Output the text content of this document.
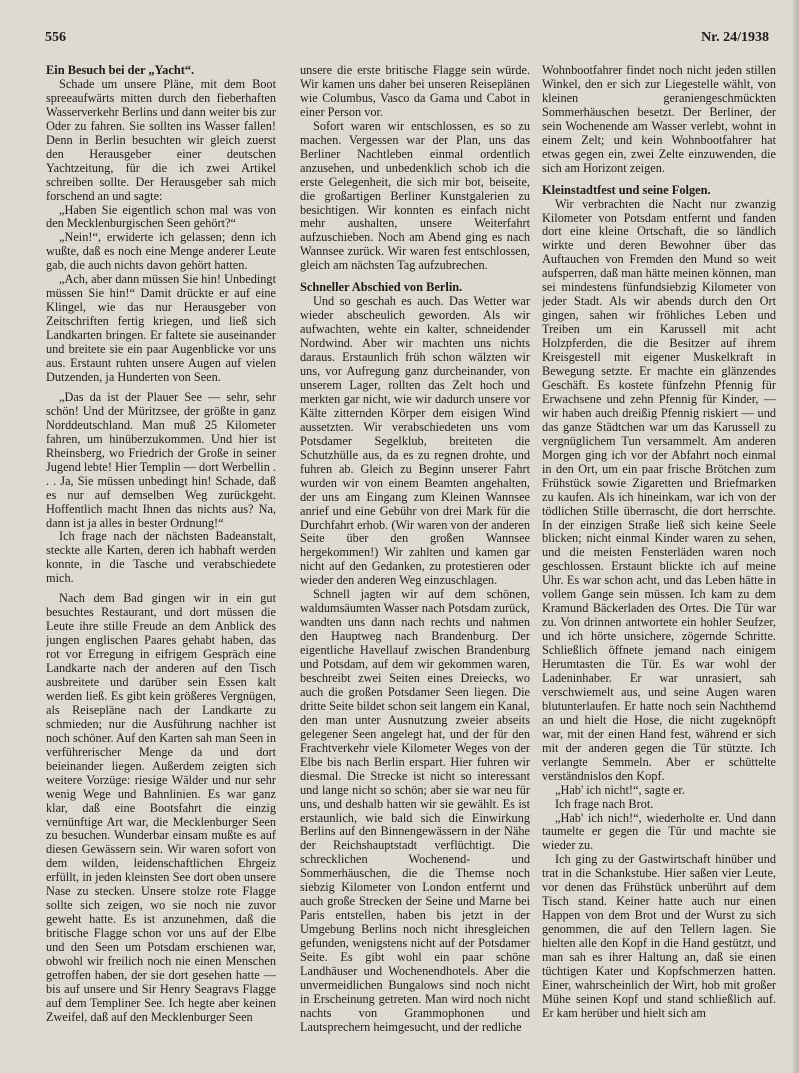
556	Nr. 24/1938

Ein Besuch bei der „Yacht“.

Schade um unsere Pläne, mit dem Boot spreeaufwärts mitten durch den fieberhaften Wasserverkehr Berlins und dann weiter bis zur Oder zu fahren. Sie sollten ins Wasser fallen! Denn in Berlin besuchten wir gleich zuerst den Herausgeber einer deutschen Yachtzeitung, für die ich zwei Artikel schreiben sollte. Der Herausgeber sah mich forschend an und sagte:

„Haben Sie eigentlich schon mal was von den Mecklenburgischen Seen gehört?“

„Nein!“, erwiderte ich gelassen; denn ich wußte, daß es noch eine Menge anderer Leute gab, die auch nichts davon gehört hatten.

„Ach, aber dann müssen Sie hin! Unbedingt müssen Sie hin!“ Damit drückte er auf eine Klingel, wie das nur Herausgeber von Zeitschriften fertig kriegen, und ließ sich Landkarten bringen. Er faltete sie auseinander und breitete sie ein paar Augenblicke vor uns aus. Erstaunt ruhten unsere Augen auf vielen Dutzenden, ja Hunderten von Seen.

„Das da ist der Plauer See — sehr, sehr schön! Und der Müritzsee, der größte in ganz Norddeutschland. Man muß 25 Kilometer fahren, um hinüberzukommen. Und hier ist Rheinsberg, wo Friedrich der Große in seiner Jugend lebte! Hier Templin — dort Werbellin . . . Ja, Sie müssen unbedingt hin! Schade, daß es nur auf demselben Weg zurückgeht. Hoffentlich macht Ihnen das nichts aus? Na, dann ist ja alles in bester Ordnung!“

Ich frage nach der nächsten Badeanstalt, steckte alle Karten, deren ich habhaft werden konnte, in die Tasche und verabschiedete mich.

Nach dem Bad gingen wir in ein gut besuchtes Restaurant, und dort müssen die Leute ihre stille Freude an dem Anblick des jungen englischen Paares gehabt haben, das rot vor Erregung in eifrigem Gespräch eine Landkarte nach der anderen auf den Tisch ausbreitete und darüber sein Essen kalt werden ließ. Es gibt kein größeres Vergnügen, als Reisepläne nach der Landkarte zu schmieden; nur die Ausführung nachher ist noch schöner. Auf den Karten sah man Seen in verführerischer Menge da und dort beieinander liegen. Außerdem zeigten sich weitere Vorzüge: riesige Wälder und nur sehr wenig Wege und Bahnlinien. Es war ganz klar, daß eine Bootsfahrt die einzig vernünftige Art war, die Mecklenburger Seen zu besuchen. Wunderbar einsam mußte es auf diesen Gewässern sein. Wir waren sofort von dem wilden, leidenschaftlichen Ehrgeiz erfüllt, in jeden kleinsten See dort oben unsere Nase zu stecken. Unsere stolze rote Flagge sollte sich zeigen, wo sie noch nie zuvor geweht hatte. Es ist anzunehmen, daß die britische Flagge schon vor uns auf der Elbe und den Seen um Potsdam erschienen war, obwohl wir freilich noch nie einen Menschen getroffen haben, der sie dort gesehen hatte — bis auf unsere und Sir Henry Seagravs Flagge auf dem Templiner See. Ich hegte aber keinen Zweifel, daß auf den Mecklenburger Seen

unsere die erste britische Flagge sein würde. Wir kamen uns daher bei unseren Reiseplänen wie Columbus, Vasco da Gama und Cabot in einer Person vor.

Sofort waren wir entschlossen, es so zu machen. Vergessen war der Plan, uns das Berliner Nachtleben einmal ordentlich anzusehen, und unbedenklich schob ich die erste Gelegenheit, die sich mir bot, beiseite, die großartigen Berliner Kunstgalerien zu besichtigen. Wir konnten es einfach nicht mehr aushalten, unsere Weiterfahrt aufzuschieben. Noch am Abend ging es nach Wannsee zurück. Wir waren fest entschlossen, gleich am nächsten Tag aufzubrechen.

Schneller Abschied von Berlin.

Und so geschah es auch. Das Wetter war wieder abscheulich geworden. Als wir aufwachten, wehte ein kalter, schneidender Nordwind. Aber wir machten uns nichts daraus. Erstaunlich früh schon wälzten wir uns, vor Aufregung ganz durcheinander, von unserem Lager, rollten das Zelt hoch und merkten gar nicht, wie wir dadurch unsere vor Kälte zitternden Körper dem eisigen Wind aussetzten. Wir verabschiedeten uns vom Potsdamer Segelklub, breiteten die Schutzhülle aus, da es zu regnen drohte, und fuhren ab. Gleich zu Beginn unserer Fahrt wurden wir von einem Beamten angehalten, der uns am Eingang zum Kleinen Wannsee anrief und eine Gebühr von drei Mark für die Durchfahrt erhob. (Wir waren von der anderen Seite über den großen Wannsee hergekommen!) Wir zahlten und kamen gar nicht auf den Gedanken, zu protestieren oder wieder den anderen Weg einzuschlagen.

Schnell jagten wir auf dem schönen, waldumsäumten Wasser nach Potsdam zurück, wandten uns dann nach rechts und nahmen den Hauptweg nach Brandenburg. Der eigentliche Havellauf zwischen Brandenburg und Potsdam, auf dem wir gekommen waren, beschreibt zwei Seiten eines Dreiecks, wo auch die großen Potsdamer Seen liegen. Die dritte Seite bildet schon seit langem ein Kanal, den man unter Ausnutzung zweier abseits gelegener Seen angelegt hat, und der für den Frachtverkehr viele Kilometer Weges von der Elbe bis nach Berlin erspart. Hier fuhren wir diesmal. Die Strecke ist nicht so interessant und lange nicht so schön; aber sie war neu für uns, und deshalb hatten wir sie gewählt. Es ist erstaunlich, wie bald sich die Einwirkung Berlins auf den Binnengewässern in der Nähe der Reichshauptstadt verflüchtigt. Die schrecklichen Wochenend- und Sommerhäuschen, die die Themse noch siebzig Kilometer von London entfernt und auch große Strecken der Seine und Marne bei Paris entstellen, haben bis jetzt in der Umgebung Berlins noch nicht ihresgleichen gefunden, wenigstens nicht auf der Potsdamer Seite. Es gibt wohl ein paar schöne Landhäuser und Wochenendhotels. Aber die unvermeidlichen Bungalows sind noch nicht in Erscheinung getreten. Man wird noch nicht nachts von Grammophonen und Lautsprechern heimgesucht, und der redliche

Wohnbootfahrer findet noch nicht jeden stillen Winkel, den er sich zur Liegestelle wählt, von kleinen geraniengeschmückten Sommerhäuschen besetzt. Der Berliner, der sein Wochenende am Wasser verlebt, wohnt in einem Zelt; und kein Wohnbootfahrer hat etwas gegen ein, zwei Zelte einzuwenden, die sich am Horizont zeigen.

Kleinstadtfest und seine Folgen.

Wir verbrachten die Nacht nur zwanzig Kilometer von Potsdam entfernt und fanden dort eine kleine Ortschaft, die so ländlich wirkte und deren Bewohner über das Auftauchen von Fremden den Mund so weit aufsperren, daß man hätte meinen können, man sei mindestens fünfundsiebzig Kilometer von jeder Stadt. Als wir abends durch den Ort gingen, sahen wir fröhliches Leben und Treiben um ein Karussell mit acht Holzpferden, die die Besitzer auf ihrem Kreisgestell mit eigener Muskelkraft in Bewegung setzte. Er machte ein glänzendes Geschäft. Es kostete fünfzehn Pfennig für Erwachsene und zehn Pfennig für Kinder, — wir haben auch dreißig Pfennig riskiert — und das ganze Städtchen war um das Karussell zu vergnüglichem Tun versammelt. Am anderen Morgen ging ich vor der Abfahrt noch einmal in den Ort, um ein paar frische Brötchen zum Frühstück sowie Zigaretten und Briefmarken zu kaufen. Als ich hineinkam, war ich von der tödlichen Stille überrascht, die dort herrschte. In der einzigen Straße ließ sich keine Seele blicken; nicht einmal Kinder waren zu sehen, und die meisten Fensterläden waren noch geschlossen. Erstaunt blickte ich auf meine Uhr. Es war schon acht, und das Leben hätte in vollem Gange sein müssen. Ich kam zu dem Kramund Bäckerladen des Ortes. Die Tür war zu. Von drinnen antwortete ein hohler Seufzer, und ich hörte unsichere, zögernde Schritte. Schließlich öffnete jemand nach einigem Herumtasten die Tür. Es war wohl der Ladeninhaber. Er war unrasiert, sah verschwiemelt aus, und seine Augen waren blutunterlaufen. Er hatte noch sein Nachthemd an und hielt die Hose, die nicht zugeknöpft war, mit der einen Hand fest, während er sich mit der anderen gegen die Tür stützte. Ich verlangte Semmeln. Aber er schüttelte verständnislos den Kopf.

„Hab' ich nicht!“, sagte er.

Ich frage nach Brot.

„Hab' ich nich!“, wiederholte er. Und dann taumelte er gegen die Tür und machte sie wieder zu.

Ich ging zu der Gastwirtschaft hinüber und trat in die Schankstube. Hier saßen vier Leute, vor denen das Frühstück unberührt auf dem Tisch stand. Keiner hatte auch nur einen Happen von dem Brot und der Wurst zu sich genommen, die auf den Tellern lagen. Sie hielten alle den Kopf in die Hand gestützt, und man sah es ihrer Haltung an, daß sie einen tüchtigen Kater und Kopfschmerzen hatten. Einer, wahrscheinlich der Wirt, hob mit großer Mühe seinen Kopf und stand schließlich auf. Er kam herüber und hielt sich am
